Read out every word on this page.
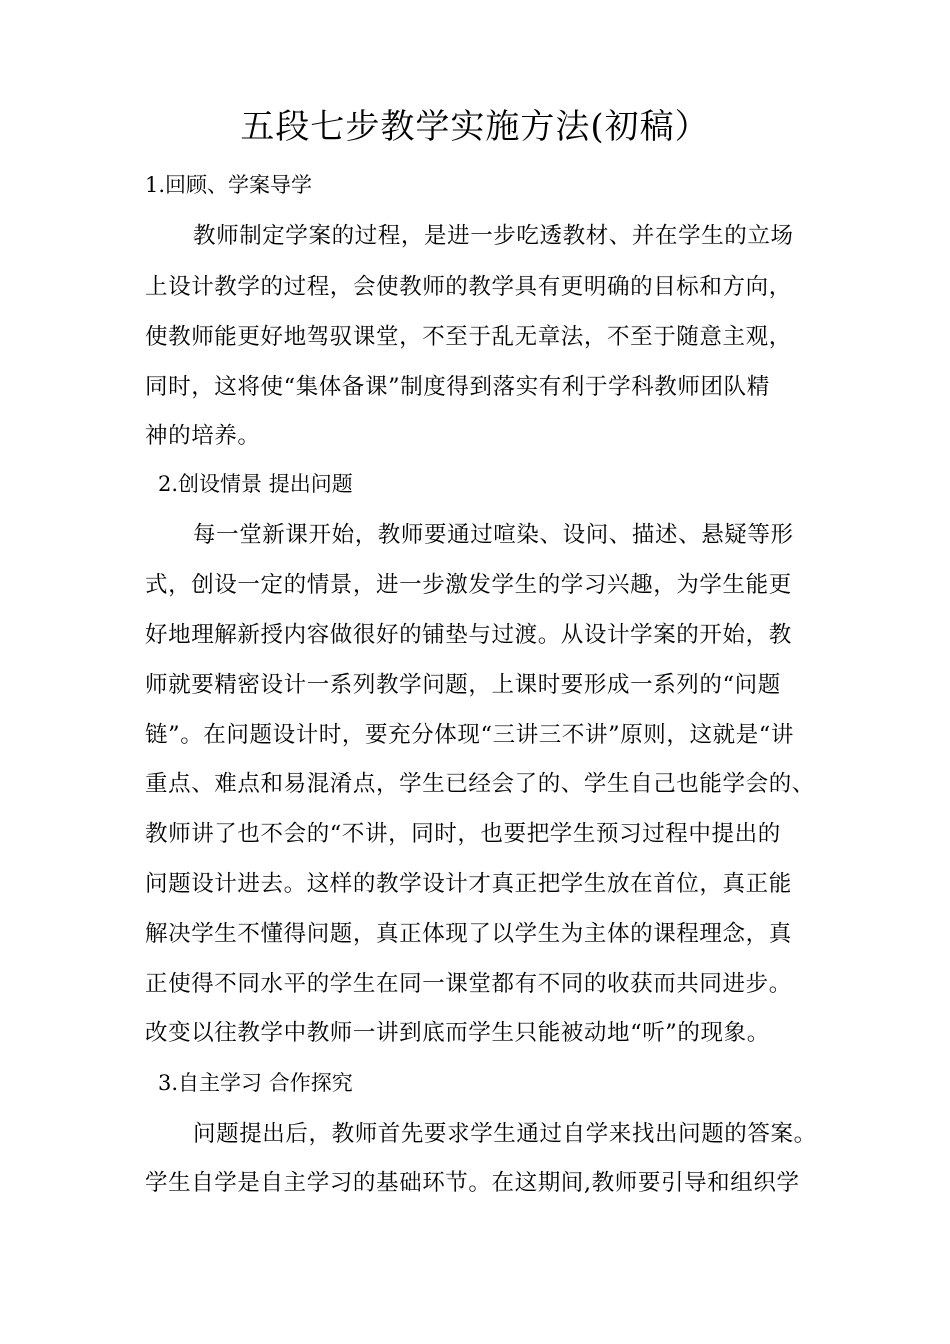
五段七步教学实施方法(初稿）
1.回顾、学案导学
教师制定学案的过程，是进一步吃透教材、并在学生的立场
上设计教学的过程，会使教师的教学具有更明确的目标和方向，
使教师能更好地驾驭课堂，不至于乱无章法，不至于随意主观，
同时，这将使“集体备课”制度得到落实有利于学科教师团队精
神的培养。
2.创设情景 提出问题
每一堂新课开始，教师要通过喧染、设问、描述、悬疑等形
式，创设一定的情景，进一步激发学生的学习兴趣，为学生能更
好地理解新授内容做很好的铺垫与过渡。从设计学案的开始，教
师就要精密设计一系列教学问题，上课时要形成一系列的“问题
链”。在问题设计时，要充分体现“三讲三不讲”原则，这就是“讲
重点、难点和易混淆点，学生已经会了的、学生自己也能学会的、
教师讲了也不会的“不讲，同时，也要把学生预习过程中提出的
问题设计进去。这样的教学设计才真正把学生放在首位，真正能
解决学生不懂得问题，真正体现了以学生为主体的课程理念，真
正使得不同水平的学生在同一课堂都有不同的收获而共同进步。
改变以往教学中教师一讲到底而学生只能被动地“听”的现象。
3.自主学习 合作探究
问题提出后，教师首先要求学生通过自学来找出问题的答案。
学生自学是自主学习的基础环节。在这期间,教师要引导和组织学
